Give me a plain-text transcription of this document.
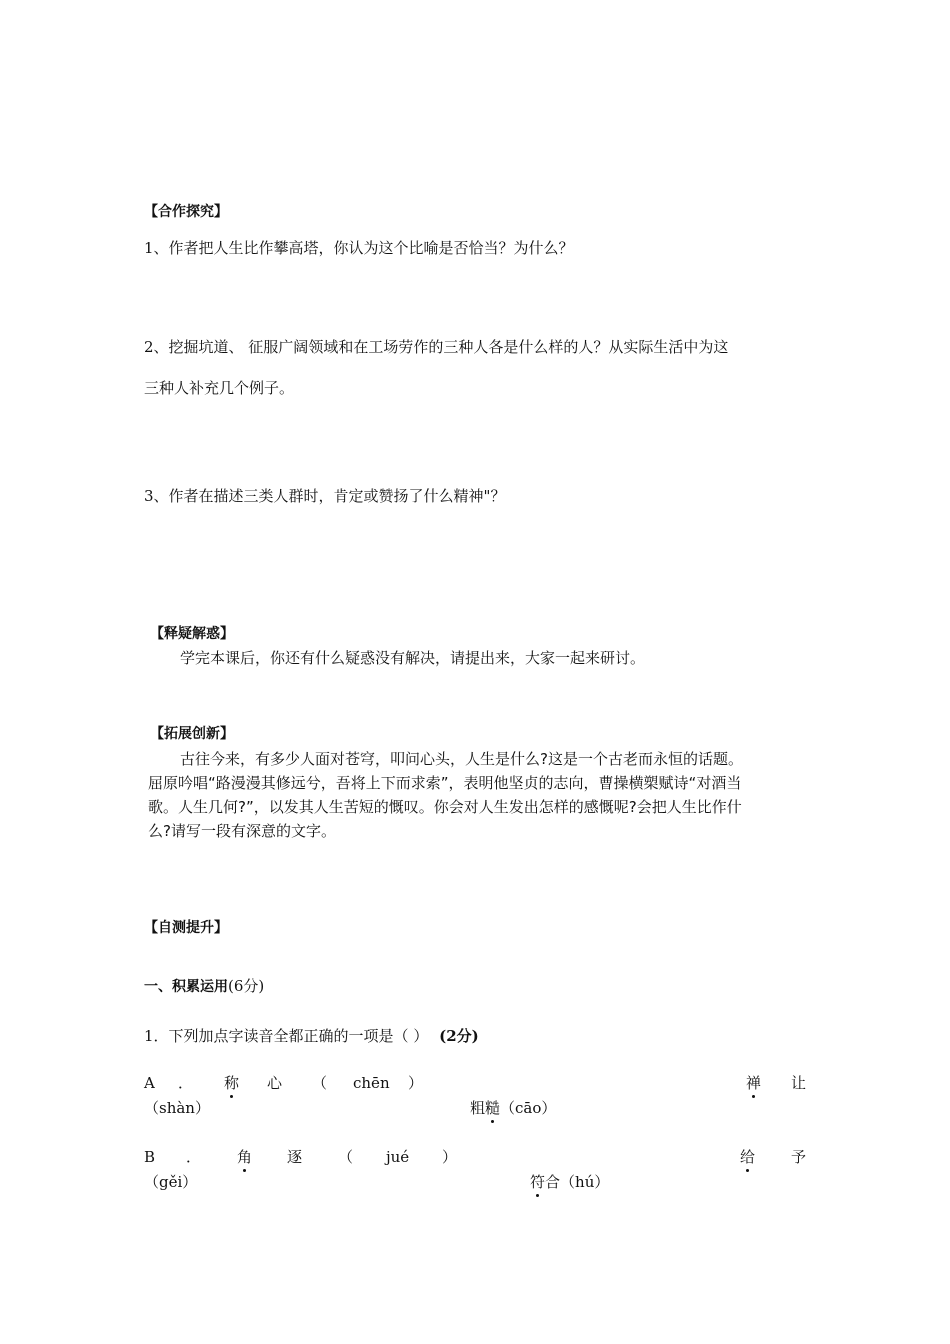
【合作探究】
1、作者把人生比作攀高塔，你认为这个比喻是否恰当？为什么？
2、挖掘坑道、 征服广阔领域和在工场劳作的三种人各是什么样的人？从实际生活中为这
三种人补充几个例子。
3、作者在描述三类人群时，肯定或赞扬了什么精神"？
【释疑解惑】
学完本课后，你还有什么疑惑没有解决，请提出来，大家一起来研讨。
【拓展创新】
古往今来，有多少人面对苍穹，叩问心头，人生是什么?这是一个古老而永恒的话题。
屈原吟唱“路漫漫其修远兮，吾将上下而求索”，表明他坚贞的志向，曹操横槊赋诗“对酒当
歌。人生几何?”，以发其人生苦短的慨叹。你会对人生发出怎样的感慨呢?会把人生比作什
么?请写一段有深意的文字。
【自测提升】
一、积累运用(6分)
1．下列加点字读音全都正确的一项是（ ） (2分)
A ． 称 心 （ chēn ）	禅 让
（shàn）	粗糙（cāo）
B ． 角 逐 （ jué ）	给 予
（gěi）	符合（hú）
